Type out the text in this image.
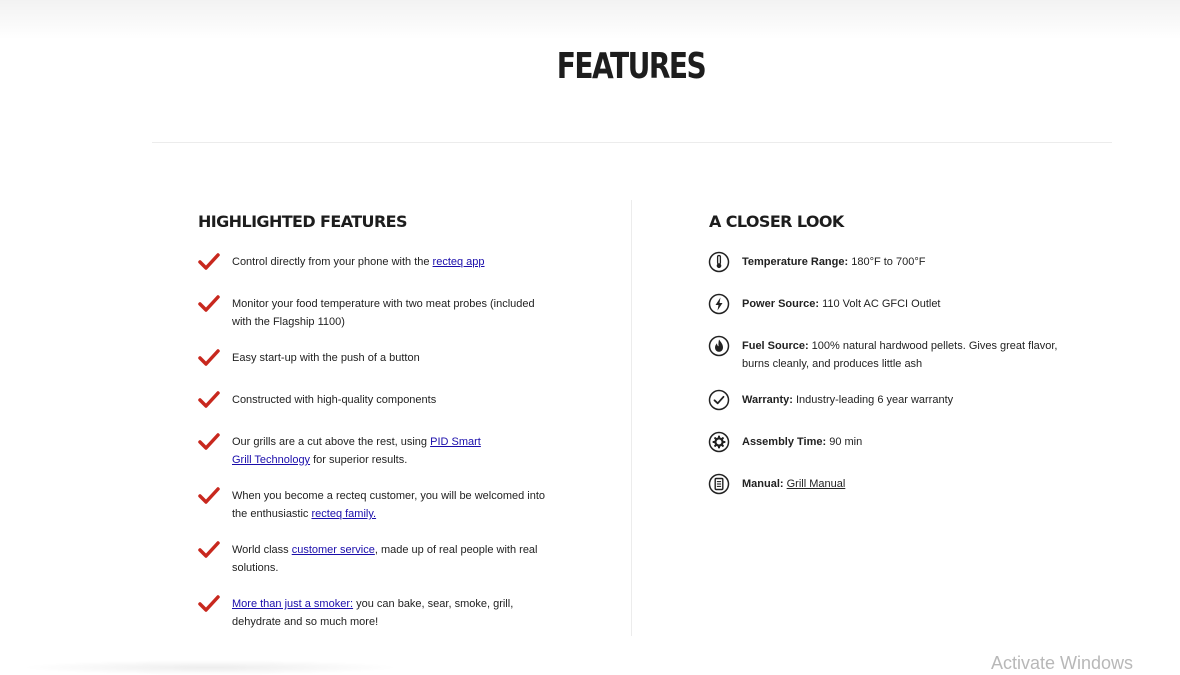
FEATURES
HIGHLIGHTED FEATURES
Control directly from your phone with the recteq app
Monitor your food temperature with two meat probes (included with the Flagship 1100)
Easy start-up with the push of a button
Constructed with high-quality components
Our grills are a cut above the rest, using PID Smart Grill Technology for superior results.
When you become a recteq customer, you will be welcomed into the enthusiastic recteq family.
World class customer service, made up of real people with real solutions.
More than just a smoker: you can bake, sear, smoke, grill, dehydrate and so much more!
A CLOSER LOOK
Temperature Range: 180°F to 700°F
Power Source: 110 Volt AC GFCI Outlet
Fuel Source: 100% natural hardwood pellets. Gives great flavor, burns cleanly, and produces little ash
Warranty: Industry-leading 6 year warranty
Assembly Time: 90 min
Manual: Grill Manual
Activate Windows
